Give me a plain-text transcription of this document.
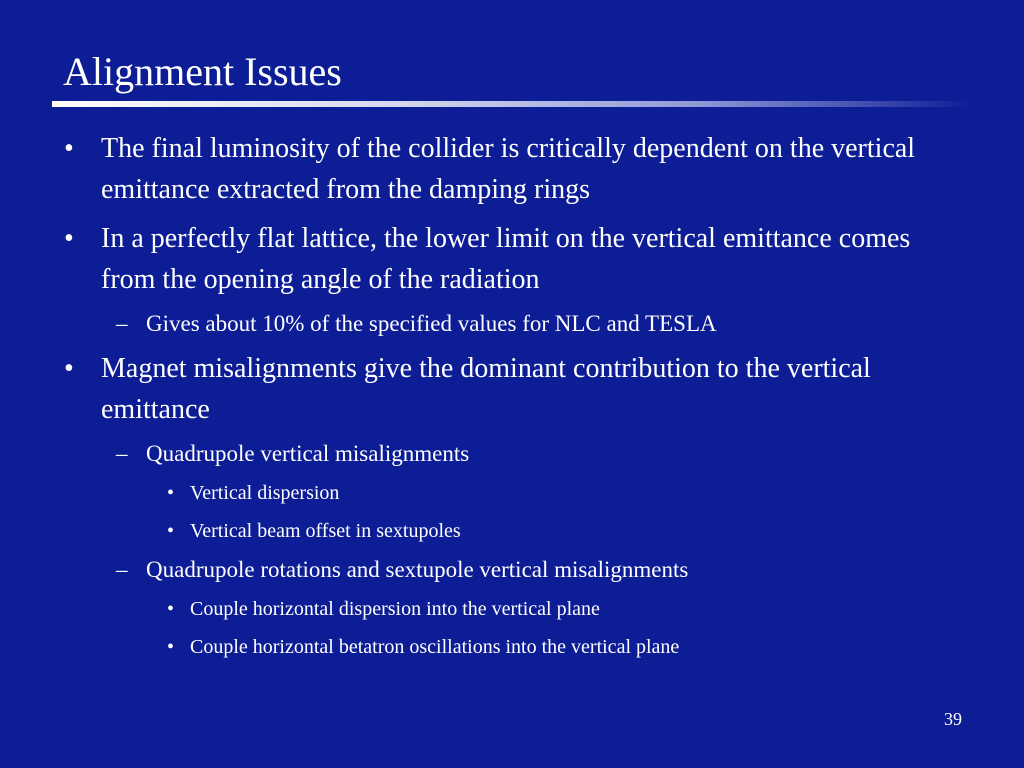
Alignment Issues
• The final luminosity of the collider is critically dependent on the vertical emittance extracted from the damping rings
• In a perfectly flat lattice, the lower limit on the vertical emittance comes from the opening angle of the radiation
– Gives about 10% of the specified values for NLC and TESLA
• Magnet misalignments give the dominant contribution to the vertical emittance
– Quadrupole vertical misalignments
• Vertical dispersion
• Vertical beam offset in sextupoles
– Quadrupole rotations and sextupole vertical misalignments
• Couple horizontal dispersion into the vertical plane
• Couple horizontal betatron oscillations into the vertical plane
39
